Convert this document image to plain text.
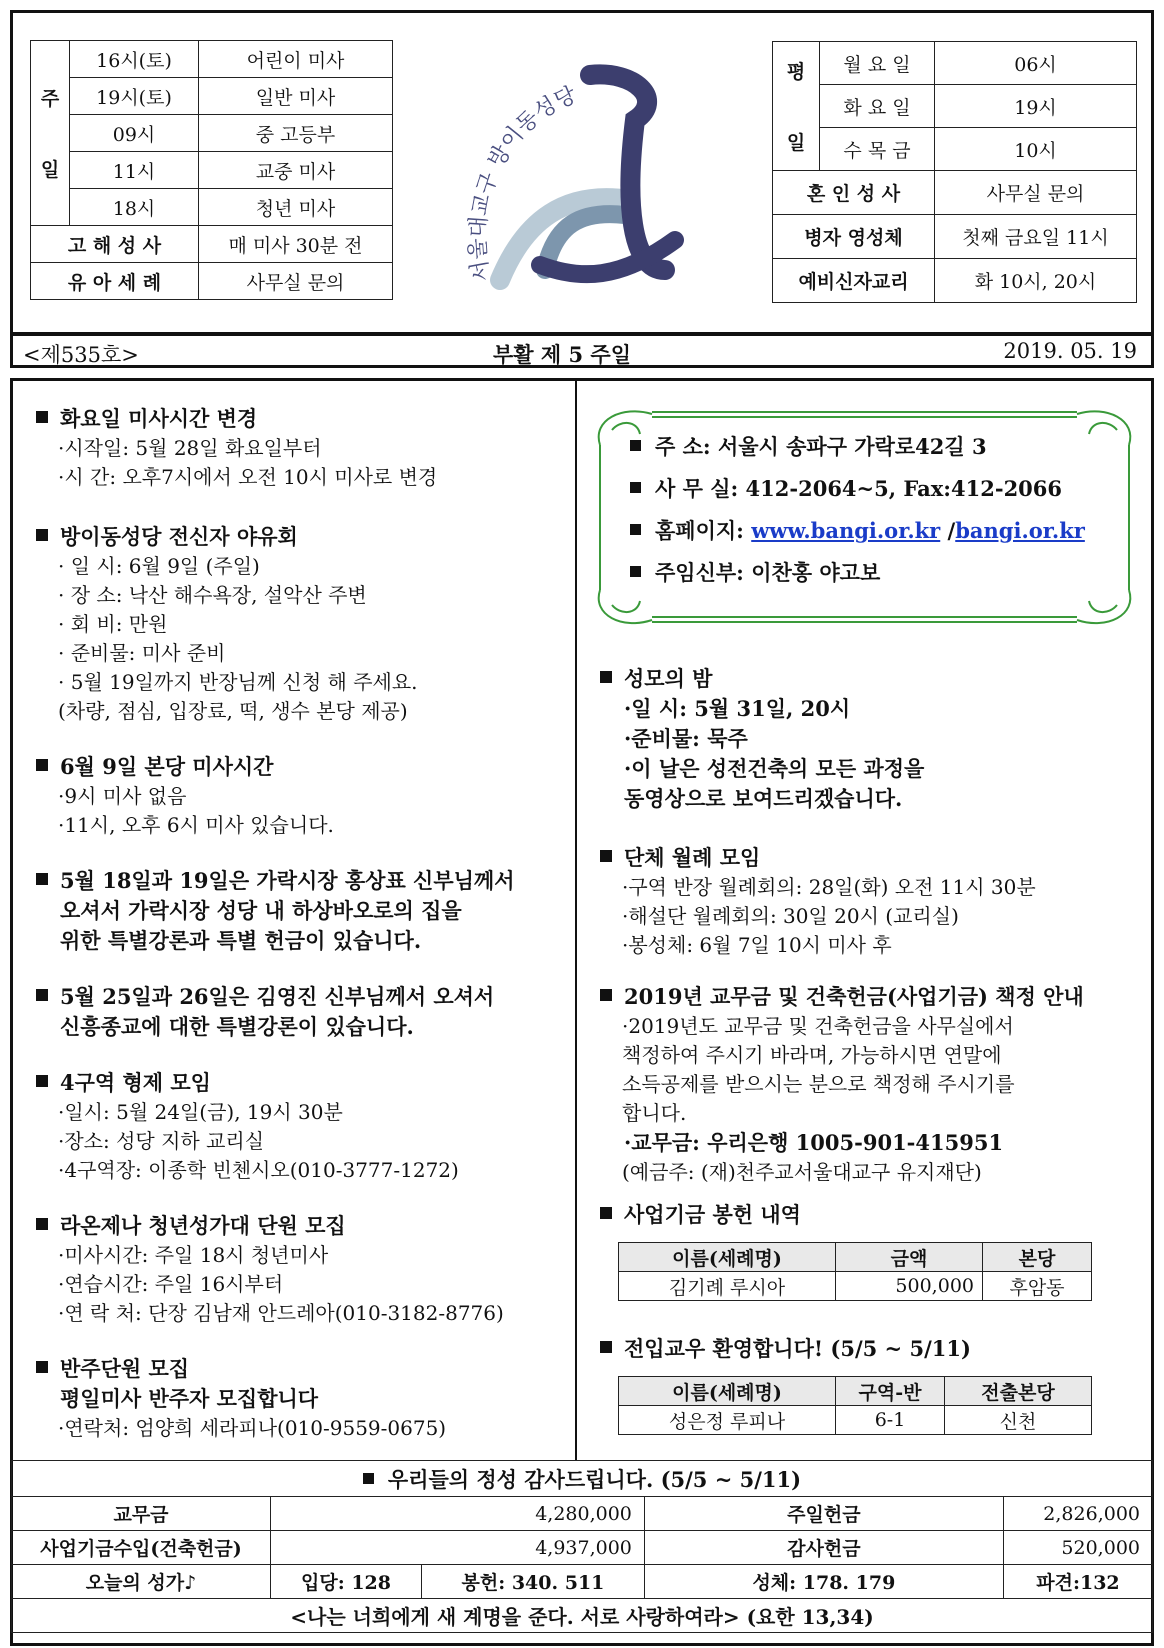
주

일	16시(토)	어린이 미사
	19시(토)	일반 미사
	09시	중 고등부
	11시	교중 미사
	18시	청년 미사
고 해 성 사		매 미사 30분 전
유 아 세 례		사무실 문의	서울대교구 방이동성당
평

일	월 요 일	06시
	화 요 일	19시
	수 목 금	10시
혼 인 성 사		사무실 문의
병자 영성체		첫째 금요일 11시
예비신자교리		화 10시, 20시
<제535호>	부활 제 5 주일	2019. 05. 19
화요일 미사시간 변경
·시작일: 5월 28일 화요일부터
·시 간: 오후7시에서 오전 10시 미사로 변경
방이동성당 전신자 야유회
· 일 시: 6월 9일 (주일)
· 장 소: 낙산 해수욕장, 설악산 주변
· 회 비: 만원
· 준비물: 미사 준비
· 5월 19일까지 반장님께 신청 해 주세요.
(차량, 점심, 입장료, 떡, 생수 본당 제공)
6월 9일 본당 미사시간
·9시 미사 없음
·11시, 오후 6시 미사 있습니다.
5월 18일과 19일은 가락시장 홍상표 신부님께서
오셔서 가락시장 성당 내 하상바오로의 집을
위한 특별강론과 특별 헌금이 있습니다.
5월 25일과 26일은 김영진 신부님께서 오셔서
신흥종교에 대한 특별강론이 있습니다.
4구역 형제 모임
·일시: 5월 24일(금), 19시 30분
·장소: 성당 지하 교리실
·4구역장: 이종학 빈첸시오(010-3777-1272)
라온제나 청년성가대 단원 모집
·미사시간: 주일 18시 청년미사
·연습시간: 주일 16시부터
·연 락 처: 단장 김남재 안드레아(010-3182-8776)
반주단원 모집
평일미사 반주자 모집합니다
·연락처: 엄양희 세라피나(010-9559-0675)
주 소: 서울시 송파구 가락로42길 3
사 무 실: 412-2064~5, Fax:412-2066
홈페이지: www.bangi.or.kr /bangi.or.kr
주임신부: 이찬홍 야고보
성모의 밤
·일 시: 5월 31일, 20시
·준비물: 묵주
·이 날은 성전건축의 모든 과정을
동영상으로 보여드리겠습니다.
단체 월례 모임
·구역 반장 월례회의: 28일(화) 오전 11시 30분
·해설단 월례회의: 30일 20시 (교리실)
·봉성체: 6월 7일 10시 미사 후
2019년 교무금 및 건축헌금(사업기금) 책정 안내
·2019년도 교무금 및 건축헌금을 사무실에서
책정하여 주시기 바라며, 가능하시면 연말에
소득공제를 받으시는 분으로 책정해 주시기를
합니다.
·교무금: 우리은행 1005-901-415951
(예금주: (재)천주교서울대교구 유지재단)
사업기금 봉헌 내역
이름(세례명)	금액	본당
김기례 루시아	500,000	후암동
전입교우 환영합니다! (5/5 ~ 5/11)
이름(세례명)	구역-반	전출본당
성은정 루피나	6-1	신천
우리들의 정성 감사드립니다. (5/5 ~ 5/11)				
교무금	4,280,000		주일헌금	2,826,000
사업기금수입(건축헌금)	4,937,000		감사헌금	520,000
오늘의 성가♪	입당: 128	봉헌: 340. 511	성체: 178. 179	파견:132
<나는 너희에게 새 계명을 준다. 서로 사랑하여라> (요한 13,34)				
